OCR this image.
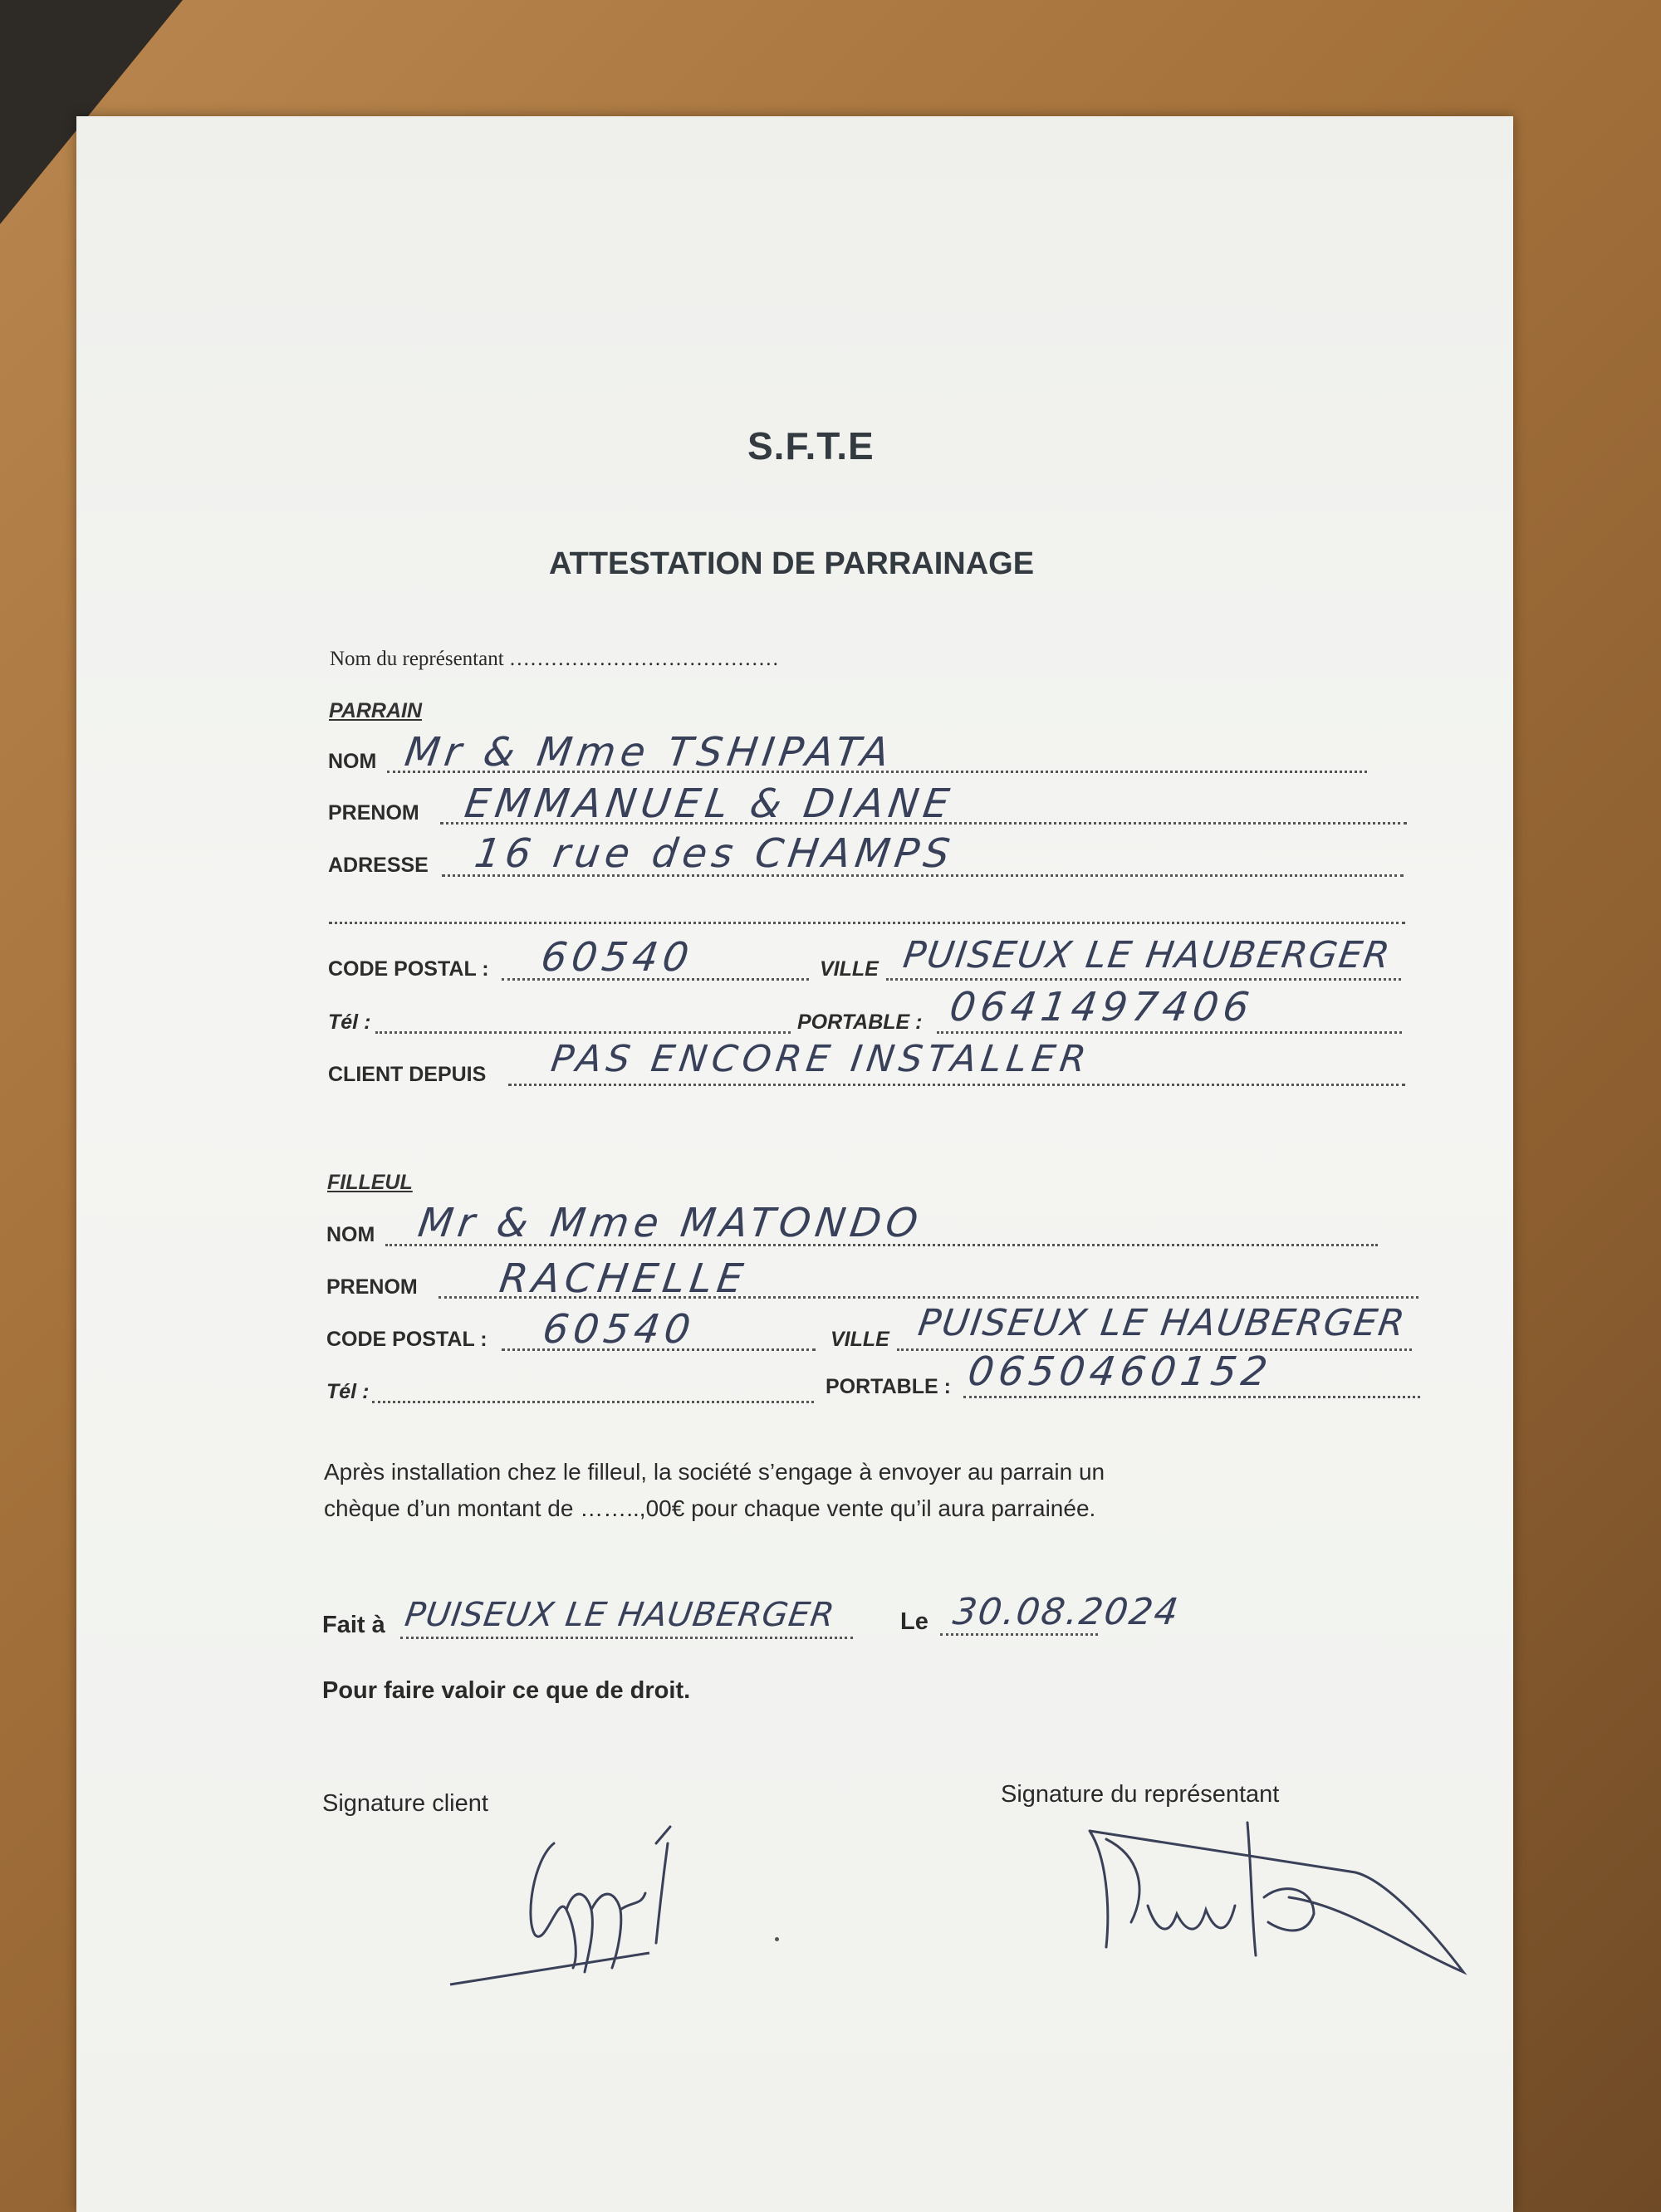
S.F.T.E
ATTESTATION DE PARRAINAGE
Nom du représentant …………………………………
PARRAIN
NOM Mr & Mme TSHIPATA
PRENOM EMMANUEL & DIANE
ADRESSE 16 rue des CHAMPS
CODE POSTAL : 60540	VILLE PUISEUX LE HAUBERGER
Tél :	PORTABLE : 0641497406
CLIENT DEPUIS PAS ENCORE INSTALLER
FILLEUL
NOM Mr & Mme MATONDO
PRENOM RACHELLE
CODE POSTAL : 60540	VILLE PUISEUX LE HAUBERGER
Tél :	PORTABLE : 0650460152
Après installation chez le filleul, la société s’engage à envoyer au parrain un
chèque d’un montant de ……..,00€ pour chaque vente qu’il aura parrainée.
Fait à PUISEUX LE HAUBERGER	Le 30.08.2024
Pour faire valoir ce que de droit.
Signature client	Signature du représentant
